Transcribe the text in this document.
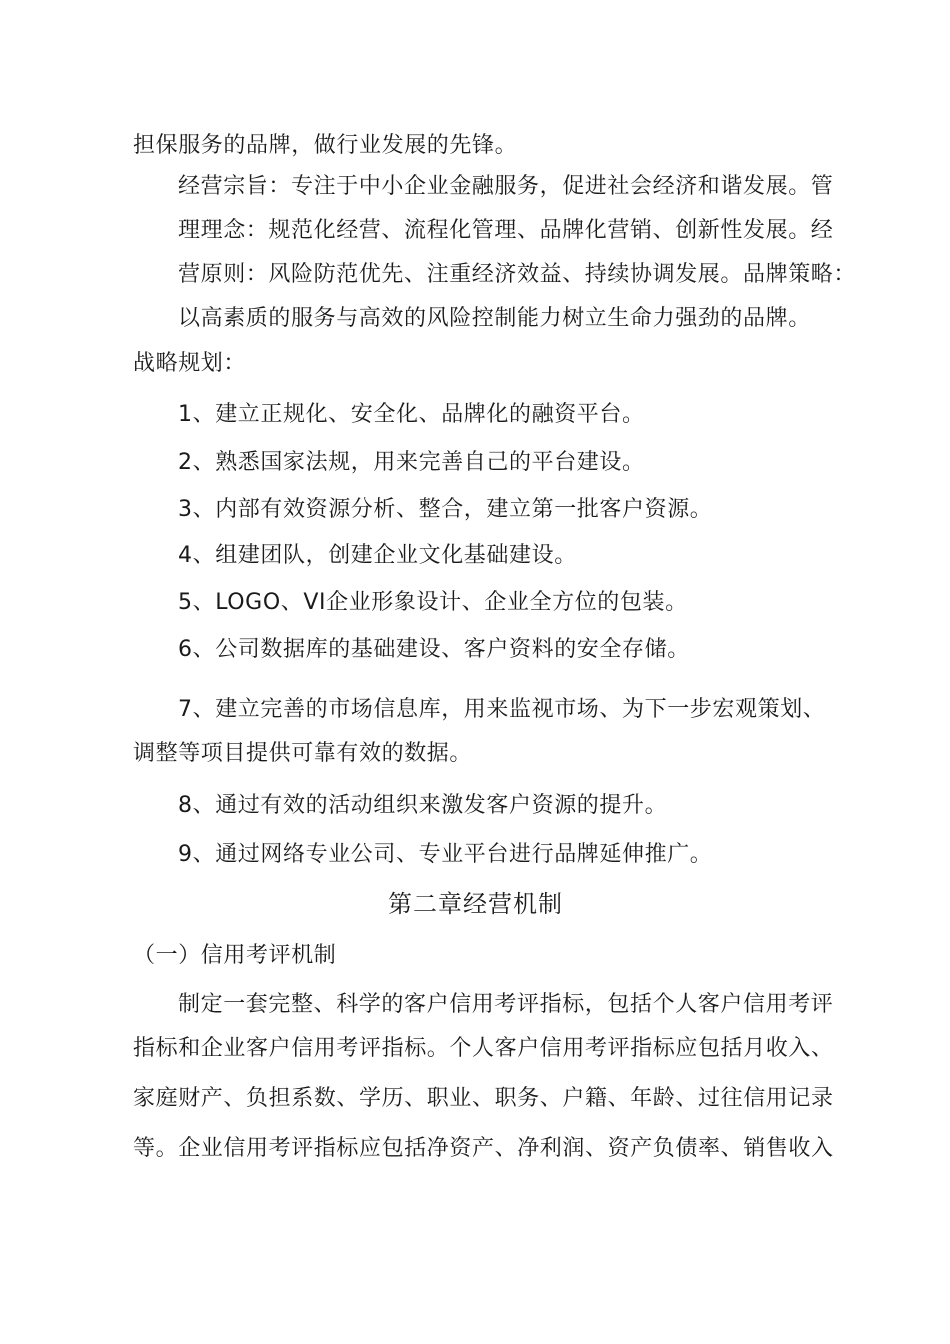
担保服务的品牌，做行业发展的先锋。
经营宗旨：专注于中小企业金融服务，促进社会经济和谐发展。管
理理念：规范化经营、流程化管理、品牌化营销、创新性发展。经
营原则：风险防范优先、注重经济效益、持续协调发展。品牌策略：
以高素质的服务与高效的风险控制能力树立生命力强劲的品牌。
战略规划：
1、建立正规化、安全化、品牌化的融资平台。
2、熟悉国家法规，用来完善自己的平台建设。
3、内部有效资源分析、整合，建立第一批客户资源。
4、组建团队，创建企业文化基础建设。
5、LOGO、VI企业形象设计、企业全方位的包装。
6、公司数据库的基础建设、客户资料的安全存储。
7、建立完善的市场信息库，用来监视市场、为下一步宏观策划、
调整等项目提供可靠有效的数据。
8、通过有效的活动组织来激发客户资源的提升。
9、通过网络专业公司、专业平台进行品牌延伸推广。
第二章经营机制
（一）信用考评机制
制定一套完整、科学的客户信用考评指标，包括个人客户信用考评
指标和企业客户信用考评指标。个人客户信用考评指标应包括月收入、
家庭财产、负担系数、学历、职业、职务、户籍、年龄、过往信用记录
等。企业信用考评指标应包括净资产、净利润、资产负债率、销售收入
